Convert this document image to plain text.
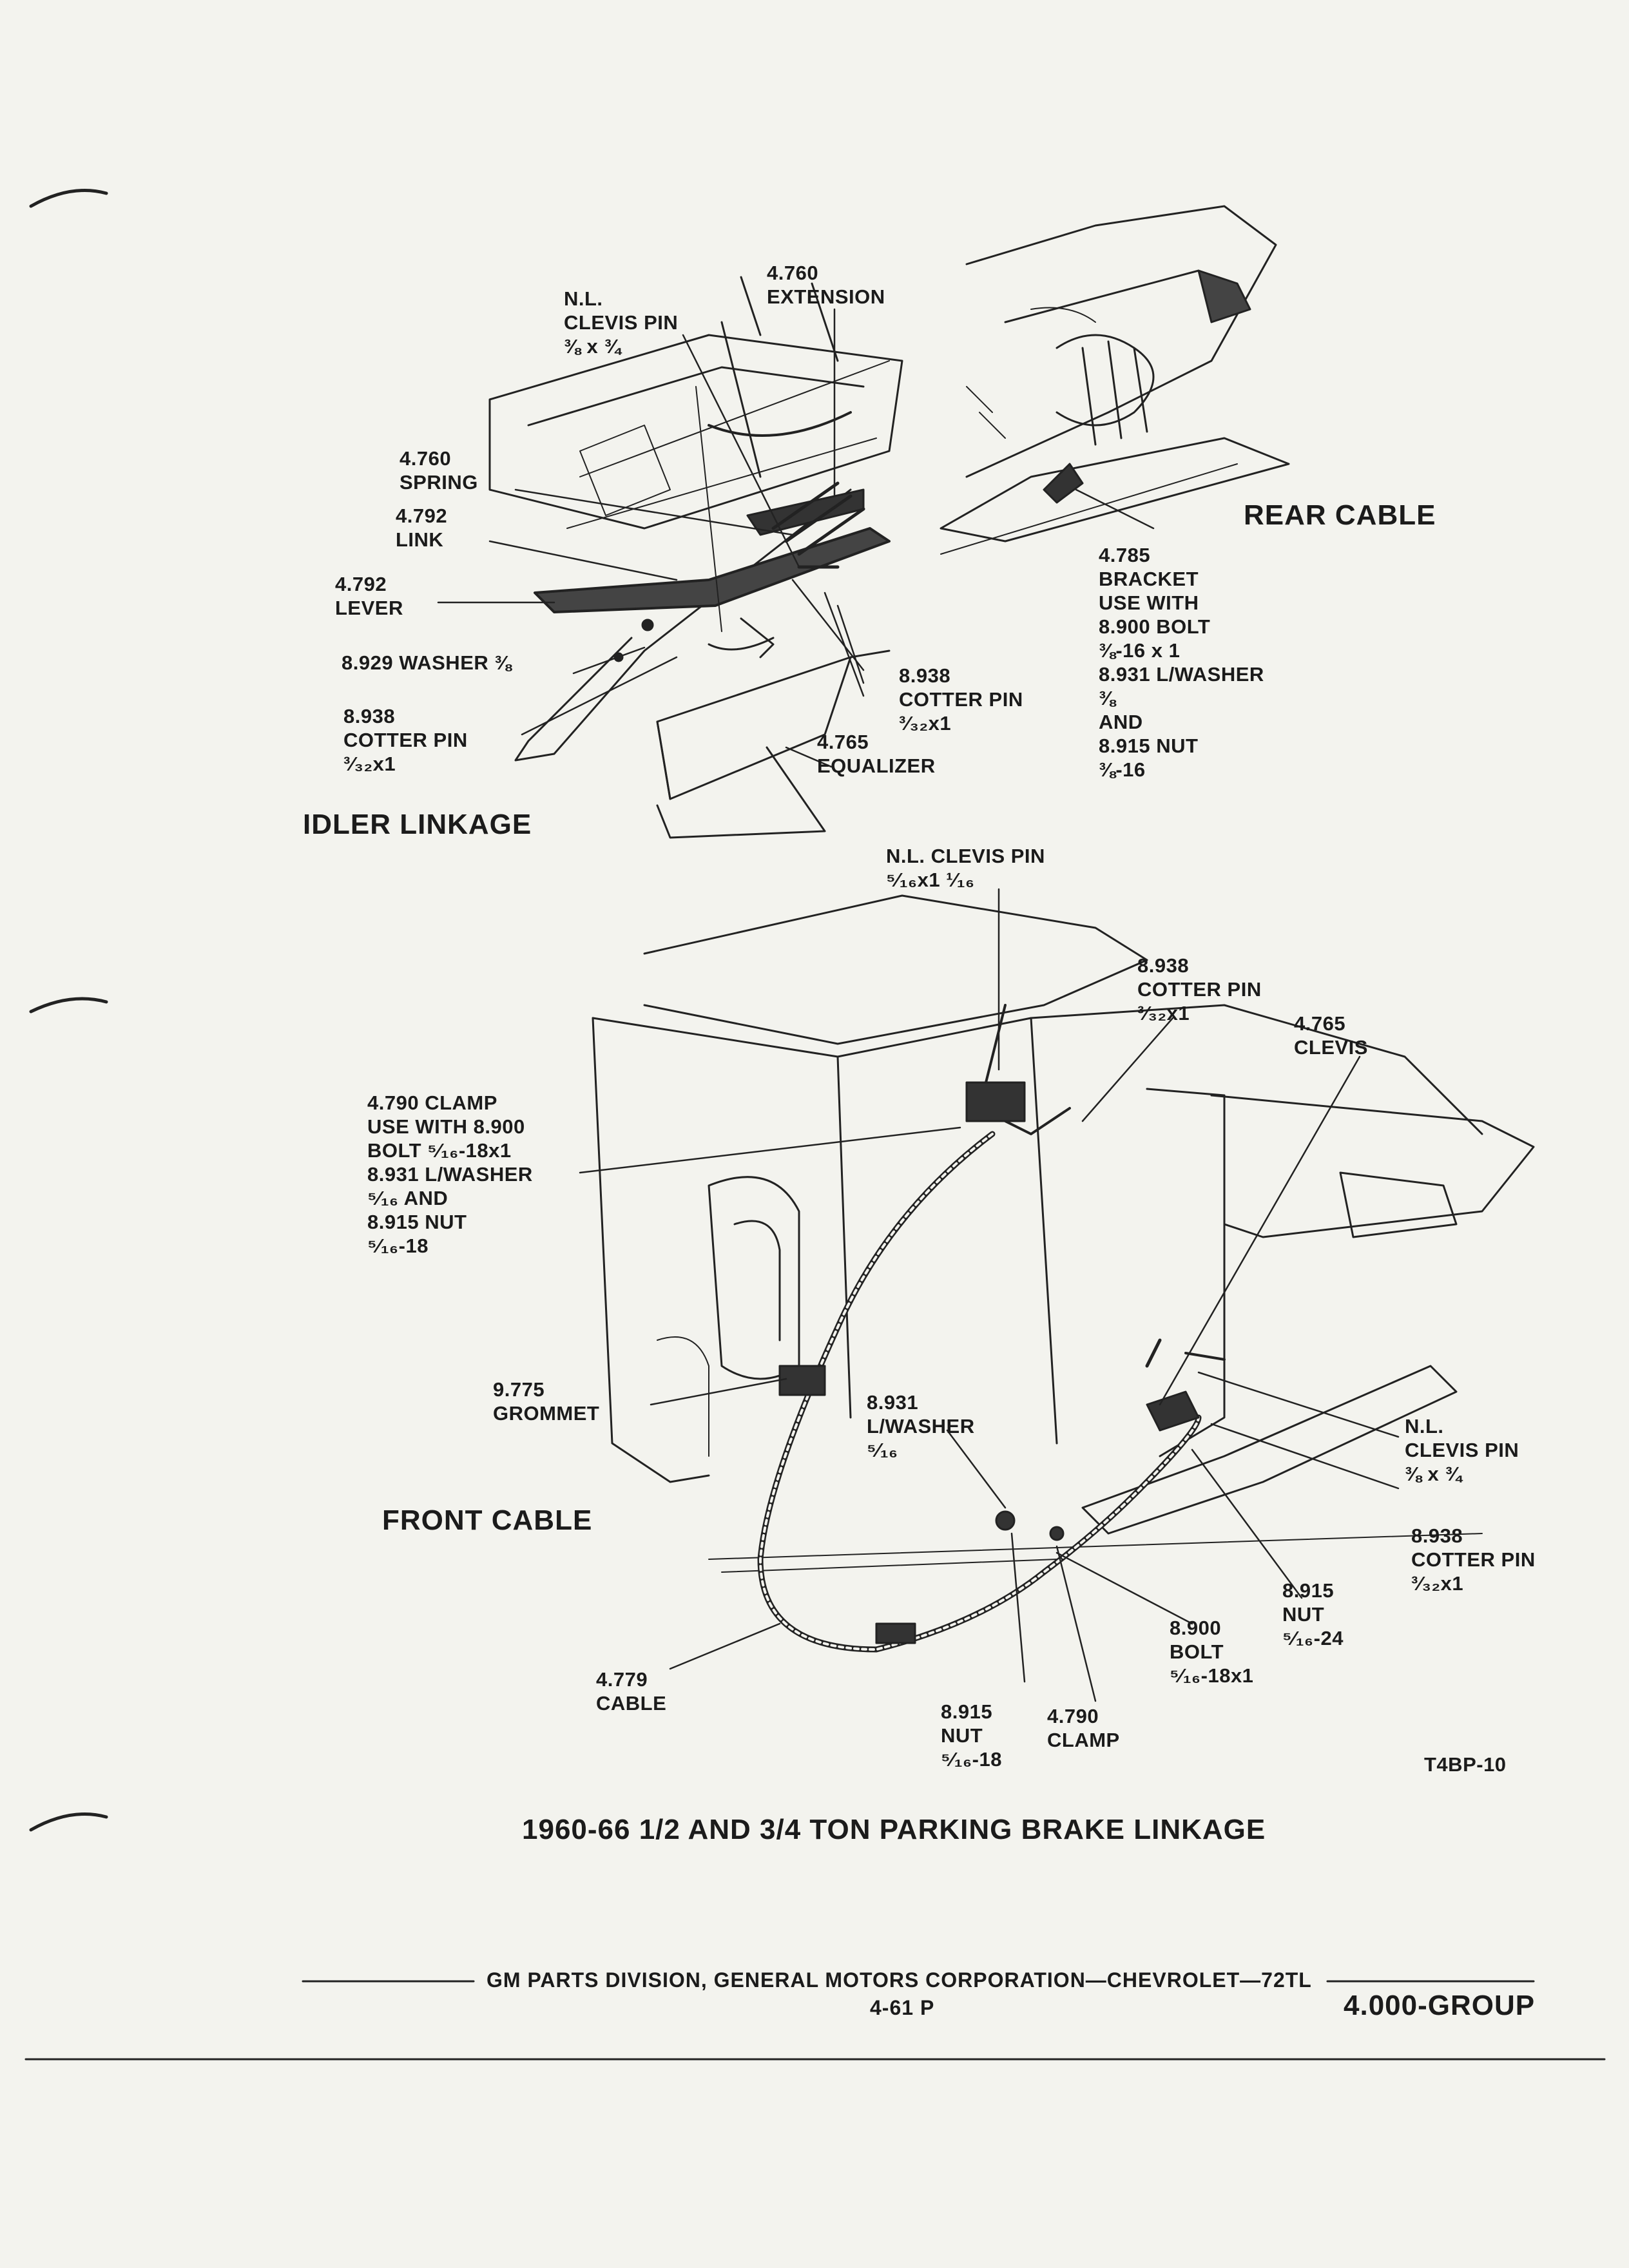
IDLER LINKAGE
REAR CABLE
FRONT CABLE
4.760
EXTENSION
N.L.
CLEVIS PIN
⅜ x ¾
4.760
SPRING
4.792
LINK
4.792
LEVER
8.929 WASHER ⅜
8.938
COTTER PIN
³⁄₃₂x1
8.938
COTTER PIN
³⁄₃₂x1
4.765
EQUALIZER
4.785
BRACKET
USE WITH
8.900 BOLT
⅜-16 x 1
8.931 L/WASHER
⅜
AND
8.915 NUT
⅜-16
N.L. CLEVIS PIN
⁵⁄₁₆x1 ¹⁄₁₆
8.938
COTTER PIN
³⁄₃₂x1	4.765
CLEVIS
4.790 CLAMP
USE WITH 8.900
BOLT ⁵⁄₁₆-18x1
8.931 L/WASHER
⁵⁄₁₆ AND
8.915 NUT
⁵⁄₁₆-18
9.775
GROMMET	8.931
L/WASHER
⁵⁄₁₆
N.L.
CLEVIS PIN
⅜ x ¾
8.938
COTTER PIN
³⁄₃₂x1
8.915
NUT
⁵⁄₁₆-24
8.900
BOLT
⁵⁄₁₆-18x1
4.779
CABLE	8.915
NUT
⁵⁄₁₆-18
4.790
CLAMP
T4BP-10
1960-66 1/2 AND 3/4 TON PARKING BRAKE LINKAGE
GM PARTS DIVISION, GENERAL MOTORS CORPORATION—CHEVROLET—72TL
4-61 P	4.000-GROUP
